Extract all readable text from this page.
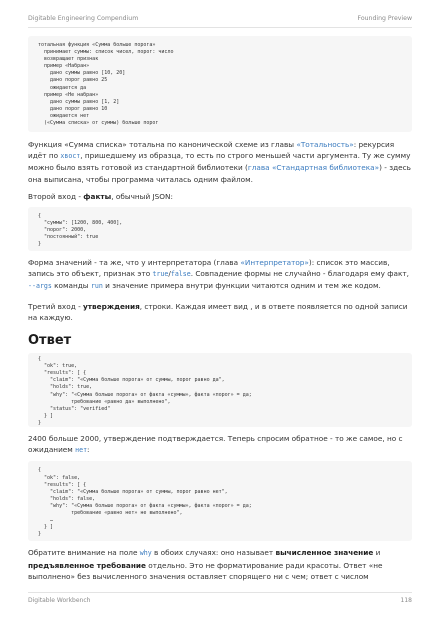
Digitable Engineering Compendium	Founding Preview
тотальная функция «Сумма больше порога»
принимает суммы: список чисел, порог: число
возвращает признак
пример «Набран»
дано суммы равно [10, 20]
дано порог равно 25
ожидается да
пример «Не набран»
дано суммы равно [1, 2]
дано порог равно 10
ожидается нет
(«Сумма списка» от суммы) больше порог

Функция «Сумма списка» тотальна по канонической схеме из главы «Тотальность»: рекурсия идёт по хвост, пришедшему из образца, то есть по строго меньшей части аргумента. Ту же сумму можно было взять готовой из стандартной библиотеки (глава «Стандартная библиотека») - здесь она выписана, чтобы программа читалась одним файлом.

Второй вход - факты, обычный JSON:

{
"суммы": [1200, 800, 400],
"порог": 2000,
"постоянный": true
}

Форма значений - та же, что у интерпретатора (глава «Интерпретатор»): список это массив, запись это объект, признак это true/false. Совпадение формы не случайно - благодаря ему факт, --args команды run и значение примера внутри функции читаются одним и тем же кодом.

Третий вход - утверждения, строки. Каждая имеет вид , и в ответе появляется по одной записи на каждую.

Ответ
{
"ok": true,
"results": [ {
"claim": "«Сумма больше порога» от суммы, порог равно да",
"holds": true,
"why": "«Сумма больше порога» от факта «суммы», факта «порог» = да;
требование «равно да» выполнено",
"status": "verified"
} ]
}

2400 больше 2000, утверждение подтверждается. Теперь спросим обратное - то же самое, но с ожиданием нет:

{
"ok": false,
"results": [ {
"claim": "«Сумма больше порога» от суммы, порог равно нет",
"holds": false,
"why": "«Сумма больше порога» от факта «суммы», факта «порог» = да;
требование «равно нет» не выполнено",
…
} ]
}

Обратите внимание на поле why в обоих случаях: оно называет вычисленное значение и предъявленное требование отдельно. Это не форматирование ради красоты. Ответ «не выполнено» без вычисленного значения оставляет спорящего ни с чем; ответ с числом

Digitable Workbench	118
